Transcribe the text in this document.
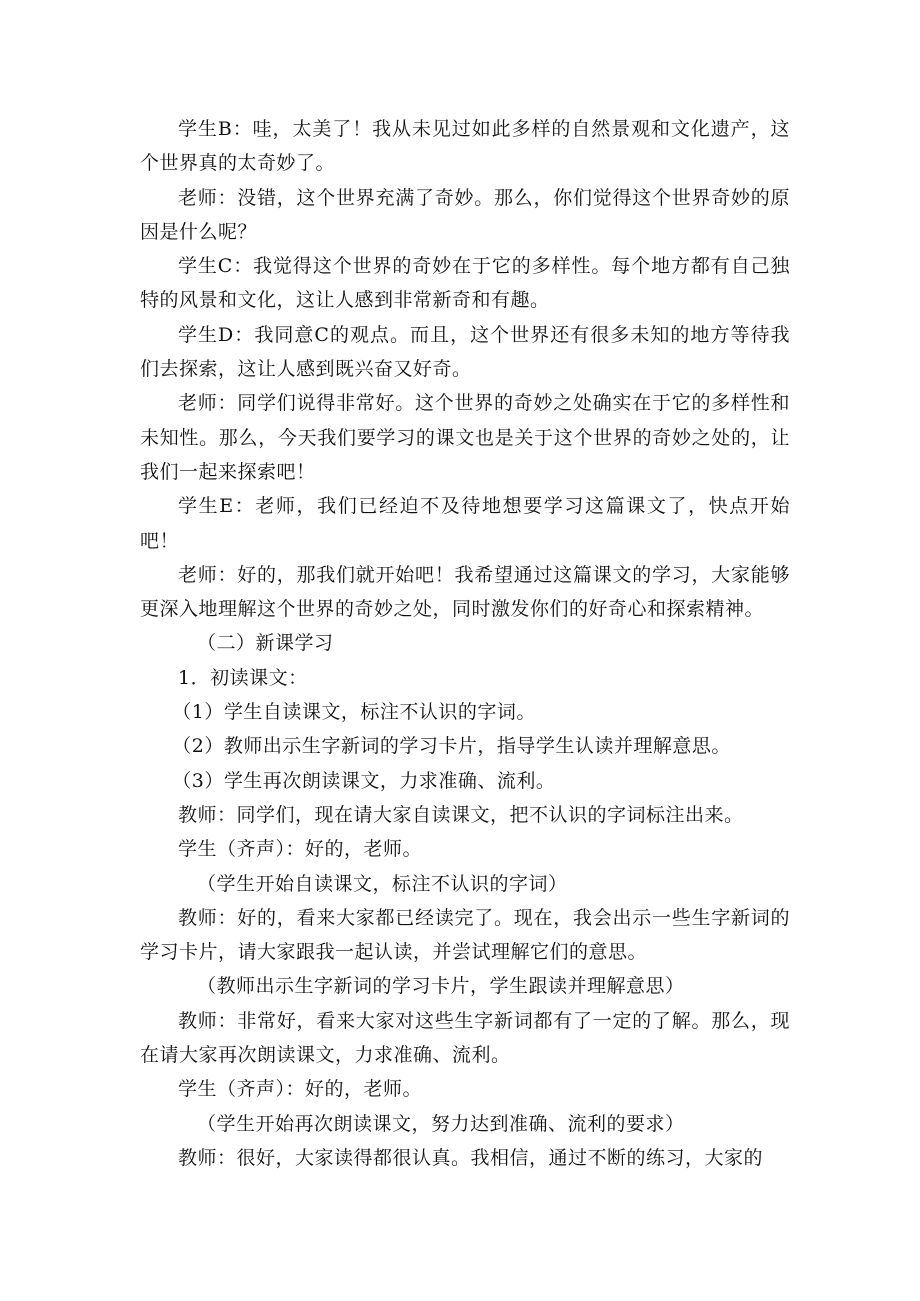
学生B：哇，太美了！我从未见过如此多样的自然景观和文化遗产，这个世界真的太奇妙了。

老师：没错，这个世界充满了奇妙。那么，你们觉得这个世界奇妙的原因是什么呢？

学生C：我觉得这个世界的奇妙在于它的多样性。每个地方都有自己独特的风景和文化，这让人感到非常新奇和有趣。

学生D：我同意C的观点。而且，这个世界还有很多未知的地方等待我们去探索，这让人感到既兴奋又好奇。

老师：同学们说得非常好。这个世界的奇妙之处确实在于它的多样性和未知性。那么，今天我们要学习的课文也是关于这个世界的奇妙之处的，让我们一起来探索吧！

学生E：老师，我们已经迫不及待地想要学习这篇课文了，快点开始吧！

老师：好的，那我们就开始吧！我希望通过这篇课文的学习，大家能够更深入地理解这个世界的奇妙之处，同时激发你们的好奇心和探索精神。

（二）新课学习

1．初读课文：

（1）学生自读课文，标注不认识的字词。

（2）教师出示生字新词的学习卡片，指导学生认读并理解意思。

（3）学生再次朗读课文，力求准确、流利。

教师：同学们，现在请大家自读课文，把不认识的字词标注出来。

学生（齐声）：好的，老师。

（学生开始自读课文，标注不认识的字词）

教师：好的，看来大家都已经读完了。现在，我会出示一些生字新词的学习卡片，请大家跟我一起认读，并尝试理解它们的意思。

（教师出示生字新词的学习卡片，学生跟读并理解意思）

教师：非常好，看来大家对这些生字新词都有了一定的了解。那么，现在请大家再次朗读课文，力求准确、流利。

学生（齐声）：好的，老师。

（学生开始再次朗读课文，努力达到准确、流利的要求）

教师：很好，大家读得都很认真。我相信，通过不断的练习，大家的
